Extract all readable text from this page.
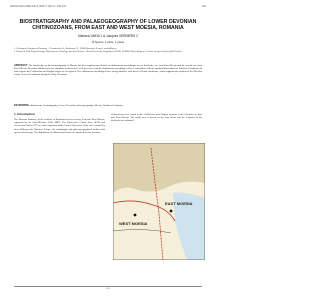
GEOLOGICA BELGICA (2007) 10/1-2: 102-107	102
BIOSTRATIGRAPHY AND PALAEOGEOGRAPHY OF LOWER DEVONIAN CHITINOZOANS, FROM EAST AND WEST MOESIA, ROMANIA
Mariana VAIDA 1 & Jacques VERNIERS 2
(5 figures, 1 table, 1 plate)
1. Geological Institute of Romania, 1 Caransebes St., Bucharest 32, 78344 Romania; E-mail: vaida@igr.ro
2. Research Unit Palaeontology, Department of Geology and Soil Science, Ghent University, Krijgslaan 281/S8, B-9000 Ghent, Belgium; E-mail: Jacques.Verniers@UGent.be
ABSTRACT. The knowledge on the biostratigraphy of Moesia has been supplemented based on chitinozoans assemblages in two boreholes, one from East Moesia and the second one from West Moesia. Devonian chitinozoans are abundant, moderately to well preserved, and the chitinozoan assemblages allow a correlation with the standard biozonation of Northern Gondwana. In both regions the Lochkovian and Pragian stages are recognised. The chitinozoan assemblages have strong affinities with those of North Gondwana, which supports the position of the Moesian terrane close to Gondwana during the Early Devonian.
KEYWORDS: chitinozoans, biostratigraphy, Lower Devonian, palaeogeography, Moesia, Northern Gondwana.
1. Introduction

The Moesian Platform, in the territory of Romania has two sectors, East and West Moesia, separated by the Intra-Moesian Fault (IMF). The Palaeozoic Central Zone (PCZ) and Cretaceous Fault (CCF) are other important faults. Lower Palaeozoic rocks were reached by deep drilling in the Moesian Terrane, the stratigraphy and palaeogeographical studies with special microscopy. The distribution of chitinozoans has been examined for the first time.

Chitinozoans were found in the Lochkovian and Pragian deposits of the boreholes in East and West Moesia. The study area is shown on the map below and the locations of the boreholes are indicated.

EAST MOESIA
WEST MOESIA
102
